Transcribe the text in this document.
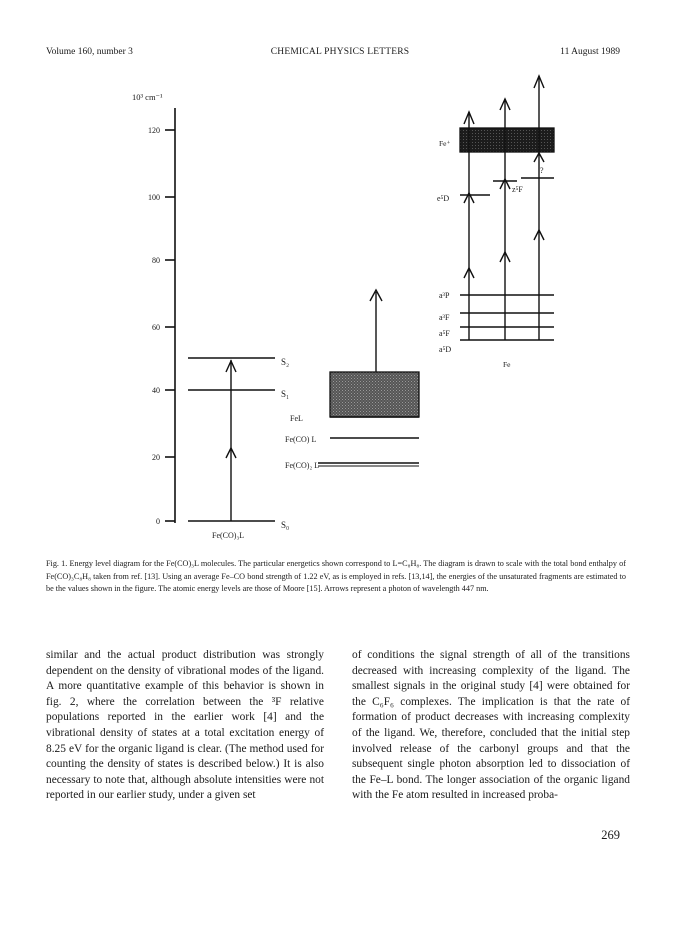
Volume 160, number 3	CHEMICAL PHYSICS LETTERS	11 August 1989
10³ cm⁻¹
0
20
40
60
80
100
120
S₀
S₁
S₂
Fe(CO)₃L
FeL
Fe(CO) L
Fe(CO)₂ L
a⁵D
a⁵F
a³F
a³P
e⁵D
z⁵F
Fe⁺
Fe
?
Fig. 1. Energy level diagram for the Fe(CO)₃L molecules. The particular energetics shown correspond to L=C₈H₈. The diagram is drawn to scale with the total bond enthalpy of Fe(CO)₃C₈H₈ taken from ref. [13]. Using an average Fe–CO bond strength of 1.22 eV, as is employed in refs. [13,14], the energies of the unsaturated fragments are estimated to be the values shown in the figure. The atomic energy levels are those of Moore [15]. Arrows represent a photon of wavelength 447 nm.

similar and the actual product distribution was strongly dependent on the density of vibrational modes of the ligand. A more quantitative example of this behavior is shown in fig. 2, where the correlation between the ³F relative populations reported in the earlier work [4] and the vibrational density of states at a total excitation energy of 8.25 eV for the organic ligand is clear. (The method used for counting the density of states is described below.) It is also necessary to note that, although absolute intensities were not reported in our earlier study, under a given set

of conditions the signal strength of all of the transitions decreased with increasing complexity of the ligand. The smallest signals in the original study [4] were obtained for the C₆F₆ complexes. The implication is that the rate of formation of product decreases with increasing complexity of the ligand. We, therefore, concluded that the initial step involved release of the carbonyl groups and that the subsequent single photon absorption led to dissociation of the Fe–L bond. The longer association of the organic ligand with the Fe atom resulted in increased proba-

269
